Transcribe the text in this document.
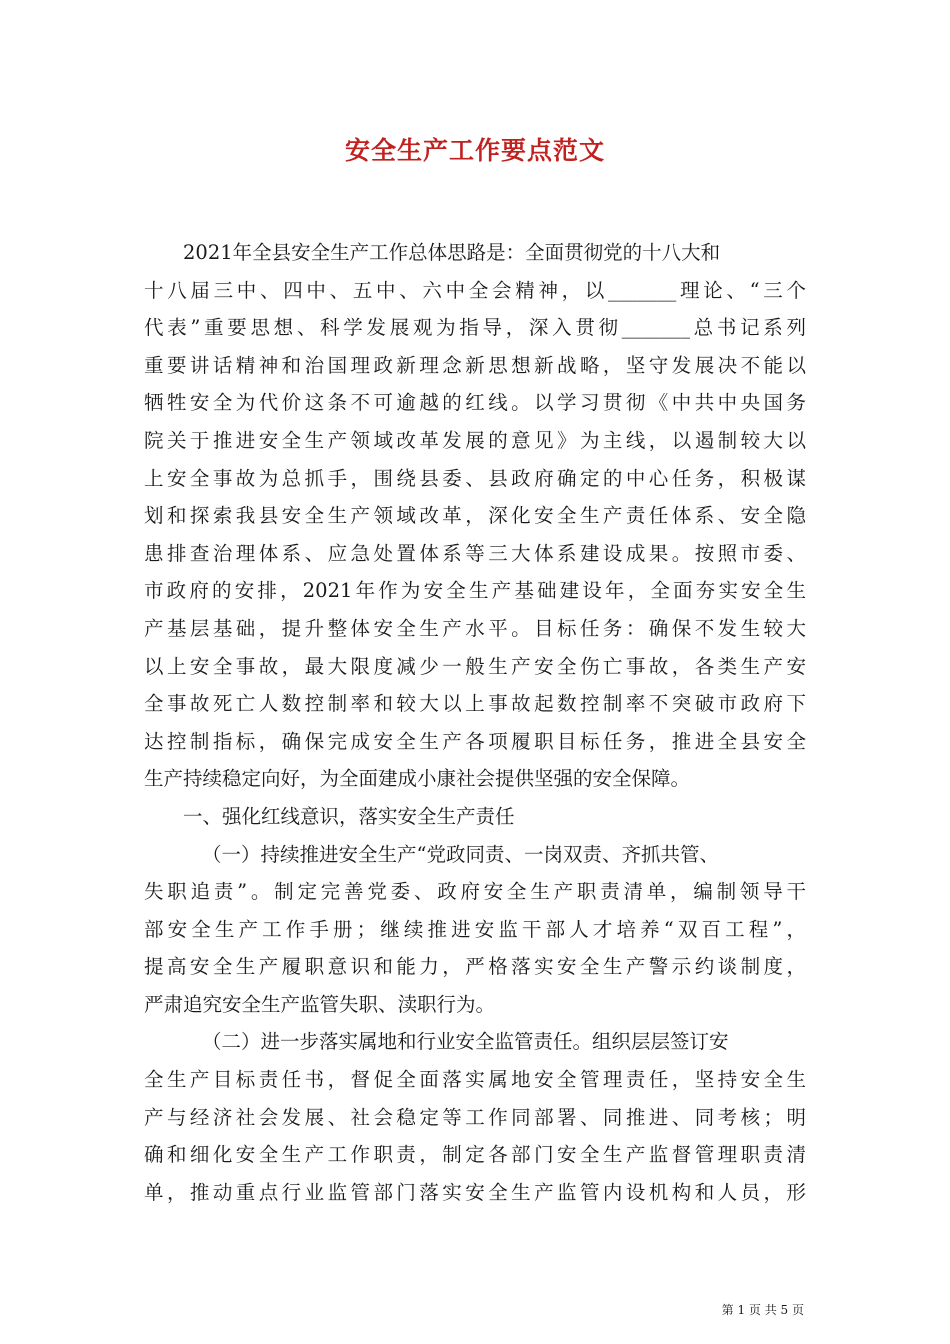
安全生产工作要点范文
2021年全县安全生产工作总体思路是：全面贯彻党的十八大和
十八届三中、四中、五中、六中全会精神，以_______理论、“三个
代表”重要思想、科学发展观为指导，深入贯彻_______总书记系列
重要讲话精神和治国理政新理念新思想新战略，坚守发展决不能以
牺牲安全为代价这条不可逾越的红线。以学习贯彻《中共中央国务
院关于推进安全生产领域改革发展的意见》为主线，以遏制较大以
上安全事故为总抓手，围绕县委、县政府确定的中心任务，积极谋
划和探索我县安全生产领域改革，深化安全生产责任体系、安全隐
患排查治理体系、应急处置体系等三大体系建设成果。按照市委、
市政府的安排，2021年作为安全生产基础建设年，全面夯实安全生
产基层基础，提升整体安全生产水平。目标任务：确保不发生较大
以上安全事故，最大限度减少一般生产安全伤亡事故，各类生产安
全事故死亡人数控制率和较大以上事故起数控制率不突破市政府下
达控制指标，确保完成安全生产各项履职目标任务，推进全县安全
生产持续稳定向好，为全面建成小康社会提供坚强的安全保障。
一、强化红线意识，落实安全生产责任
（一）持续推进安全生产“党政同责、一岗双责、齐抓共管、
失职追责”。制定完善党委、政府安全生产职责清单，编制领导干
部安全生产工作手册；继续推进安监干部人才培养“双百工程”，
提高安全生产履职意识和能力，严格落实安全生产警示约谈制度，
严肃追究安全生产监管失职、渎职行为。
（二）进一步落实属地和行业安全监管责任。组织层层签订安
全生产目标责任书，督促全面落实属地安全管理责任，坚持安全生
产与经济社会发展、社会稳定等工作同部署、同推进、同考核；明
确和细化安全生产工作职责，制定各部门安全生产监督管理职责清
单，推动重点行业监管部门落实安全生产监管内设机构和人员，形
第 1 页 共 5 页
